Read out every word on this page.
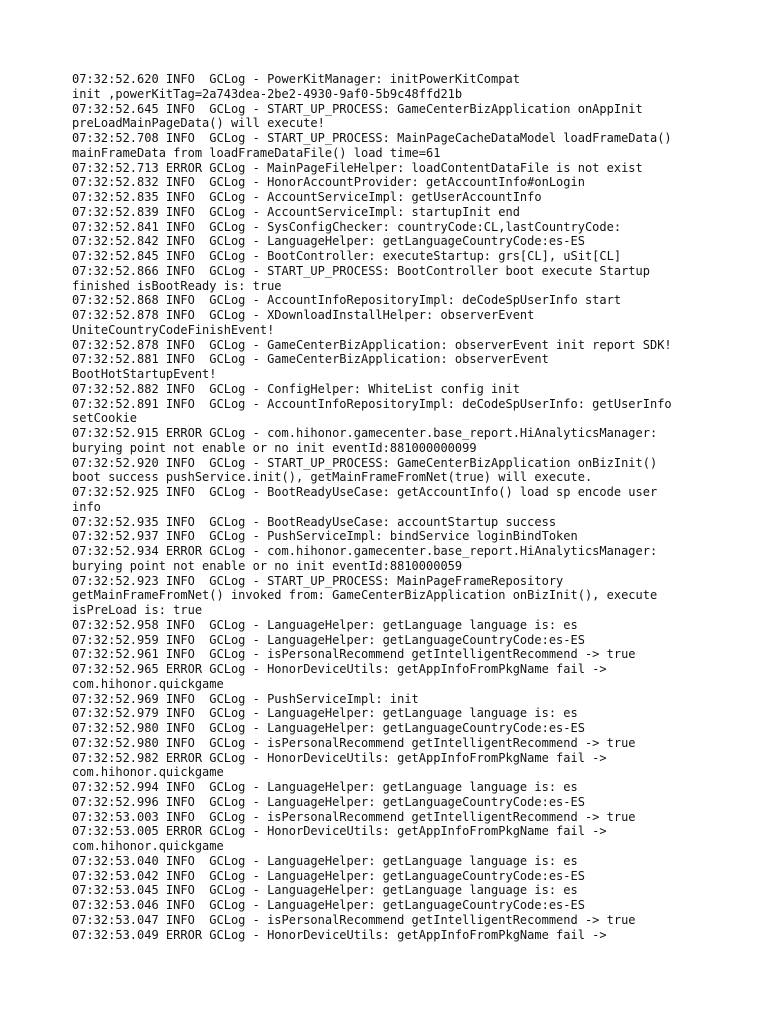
07:32:52.620 INFO  GCLog - PowerKitManager: initPowerKitCompat
init ,powerKitTag=2a743dea-2be2-4930-9af0-5b9c48ffd21b
07:32:52.645 INFO  GCLog - START_UP_PROCESS: GameCenterBizApplication onAppInit
preLoadMainPageData() will execute!
07:32:52.708 INFO  GCLog - START_UP_PROCESS: MainPageCacheDataModel loadFrameData()
mainFrameData from loadFrameDataFile() load time=61
07:32:52.713 ERROR GCLog - MainPageFileHelper: loadContentDataFile is not exist
07:32:52.832 INFO  GCLog - HonorAccountProvider: getAccountInfo#onLogin
07:32:52.835 INFO  GCLog - AccountServiceImpl: getUserAccountInfo
07:32:52.839 INFO  GCLog - AccountServiceImpl: startupInit end
07:32:52.841 INFO  GCLog - SysConfigChecker: countryCode:CL,lastCountryCode:
07:32:52.842 INFO  GCLog - LanguageHelper: getLanguageCountryCode:es-ES
07:32:52.845 INFO  GCLog - BootController: executeStartup: grs[CL], uSit[CL]
07:32:52.866 INFO  GCLog - START_UP_PROCESS: BootController boot execute Startup
finished isBootReady is: true
07:32:52.868 INFO  GCLog - AccountInfoRepositoryImpl: deCodeSpUserInfo start
07:32:52.878 INFO  GCLog - XDownloadInstallHelper: observerEvent
UniteCountryCodeFinishEvent!
07:32:52.878 INFO  GCLog - GameCenterBizApplication: observerEvent init report SDK!
07:32:52.881 INFO  GCLog - GameCenterBizApplication: observerEvent
BootHotStartupEvent!
07:32:52.882 INFO  GCLog - ConfigHelper: WhiteList config init
07:32:52.891 INFO  GCLog - AccountInfoRepositoryImpl: deCodeSpUserInfo: getUserInfo
setCookie
07:32:52.915 ERROR GCLog - com.hihonor.gamecenter.base_report.HiAnalyticsManager:
burying point not enable or no init eventId:881000000099
07:32:52.920 INFO  GCLog - START_UP_PROCESS: GameCenterBizApplication onBizInit()
boot success pushService.init(), getMainFrameFromNet(true) will execute.
07:32:52.925 INFO  GCLog - BootReadyUseCase: getAccountInfo() load sp encode user
info
07:32:52.935 INFO  GCLog - BootReadyUseCase: accountStartup success
07:32:52.937 INFO  GCLog - PushServiceImpl: bindService loginBindToken
07:32:52.934 ERROR GCLog - com.hihonor.gamecenter.base_report.HiAnalyticsManager:
burying point not enable or no init eventId:8810000059
07:32:52.923 INFO  GCLog - START_UP_PROCESS: MainPageFrameRepository
getMainFrameFromNet() invoked from: GameCenterBizApplication onBizInit(), execute
isPreLoad is: true
07:32:52.958 INFO  GCLog - LanguageHelper: getLanguage language is: es
07:32:52.959 INFO  GCLog - LanguageHelper: getLanguageCountryCode:es-ES
07:32:52.961 INFO  GCLog - isPersonalRecommend getIntelligentRecommend -> true
07:32:52.965 ERROR GCLog - HonorDeviceUtils: getAppInfoFromPkgName fail ->
com.hihonor.quickgame
07:32:52.969 INFO  GCLog - PushServiceImpl: init
07:32:52.979 INFO  GCLog - LanguageHelper: getLanguage language is: es
07:32:52.980 INFO  GCLog - LanguageHelper: getLanguageCountryCode:es-ES
07:32:52.980 INFO  GCLog - isPersonalRecommend getIntelligentRecommend -> true
07:32:52.982 ERROR GCLog - HonorDeviceUtils: getAppInfoFromPkgName fail ->
com.hihonor.quickgame
07:32:52.994 INFO  GCLog - LanguageHelper: getLanguage language is: es
07:32:52.996 INFO  GCLog - LanguageHelper: getLanguageCountryCode:es-ES
07:32:53.003 INFO  GCLog - isPersonalRecommend getIntelligentRecommend -> true
07:32:53.005 ERROR GCLog - HonorDeviceUtils: getAppInfoFromPkgName fail ->
com.hihonor.quickgame
07:32:53.040 INFO  GCLog - LanguageHelper: getLanguage language is: es
07:32:53.042 INFO  GCLog - LanguageHelper: getLanguageCountryCode:es-ES
07:32:53.045 INFO  GCLog - LanguageHelper: getLanguage language is: es
07:32:53.046 INFO  GCLog - LanguageHelper: getLanguageCountryCode:es-ES
07:32:53.047 INFO  GCLog - isPersonalRecommend getIntelligentRecommend -> true
07:32:53.049 ERROR GCLog - HonorDeviceUtils: getAppInfoFromPkgName fail ->
